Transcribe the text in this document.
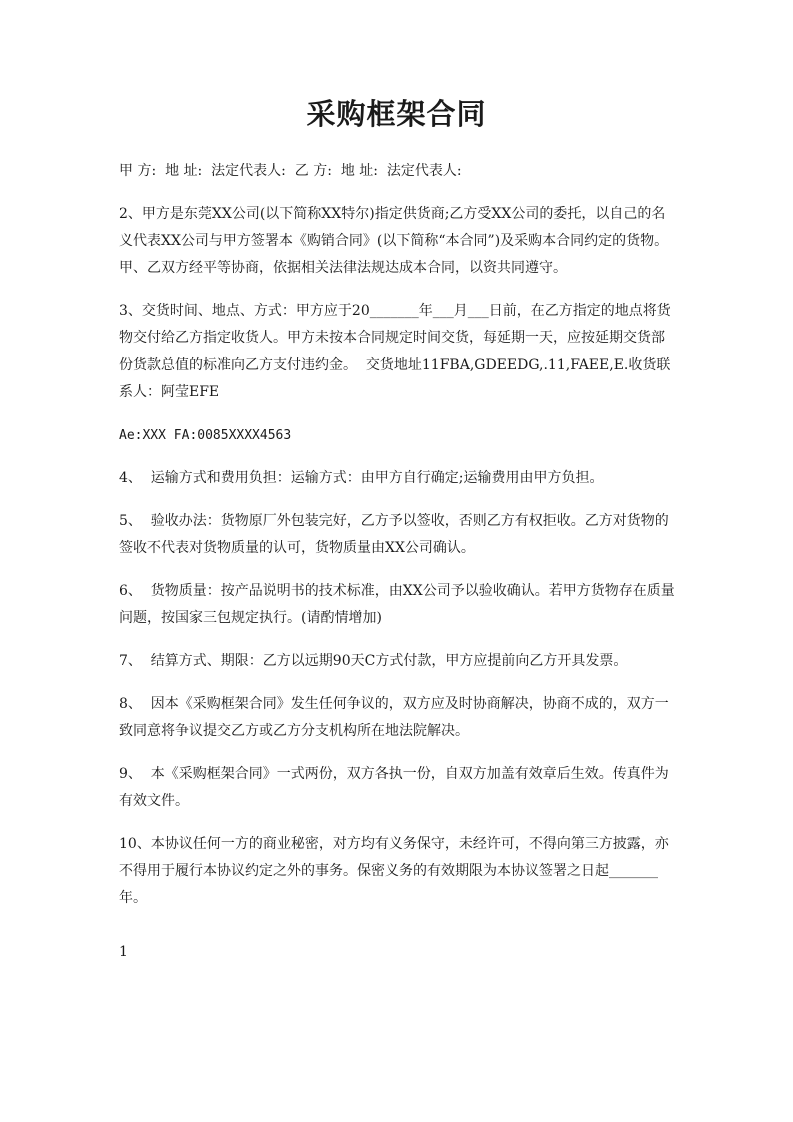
采购框架合同

甲 方:  地 址:  法定代表人:  乙 方:  地 址:  法定代表人:

2、甲方是东莞XX公司(以下简称XX特尔)指定供货商;乙方受XX公司的委托，以自己的名义代表XX公司与甲方签署本《购销合同》(以下简称“本合同”)及采购本合同约定的货物。甲、乙双方经平等协商，依据相关法律法规达成本合同，以资共同遵守。

3、交货时间、地点、方式：甲方应于20_______年___月___日前，在乙方指定的地点将货物交付给乙方指定收货人。甲方未按本合同规定时间交货，每延期一天，应按延期交货部份货款总值的标准向乙方支付违约金。  交货地址11FBA,GDEEDG,.11,FAEE,E.收货联系人：阿莹EFE

Ae:XXX FA:0085XXXX4563

4、  运输方式和费用负担：运输方式：由甲方自行确定;运输费用由甲方负担。

5、  验收办法：货物原厂外包装完好，乙方予以签收，否则乙方有权拒收。乙方对货物的签收不代表对货物质量的认可，货物质量由XX公司确认。

6、  货物质量：按产品说明书的技术标准，由XX公司予以验收确认。若甲方货物存在质量问题，按国家三包规定执行。(请酌情增加)

7、  结算方式、期限：乙方以远期90天C方式付款，甲方应提前向乙方开具发票。

8、  因本《采购框架合同》发生任何争议的，双方应及时协商解决，协商不成的，双方一致同意将争议提交乙方或乙方分支机构所在地法院解决。

9、  本《采购框架合同》一式两份，双方各执一份，自双方加盖有效章后生效。传真件为有效文件。

10、本协议任何一方的商业秘密，对方均有义务保守，未经许可，不得向第三方披露，亦不得用于履行本协议约定之外的事务。保密义务的有效期限为本协议签署之日起_______年。

1
